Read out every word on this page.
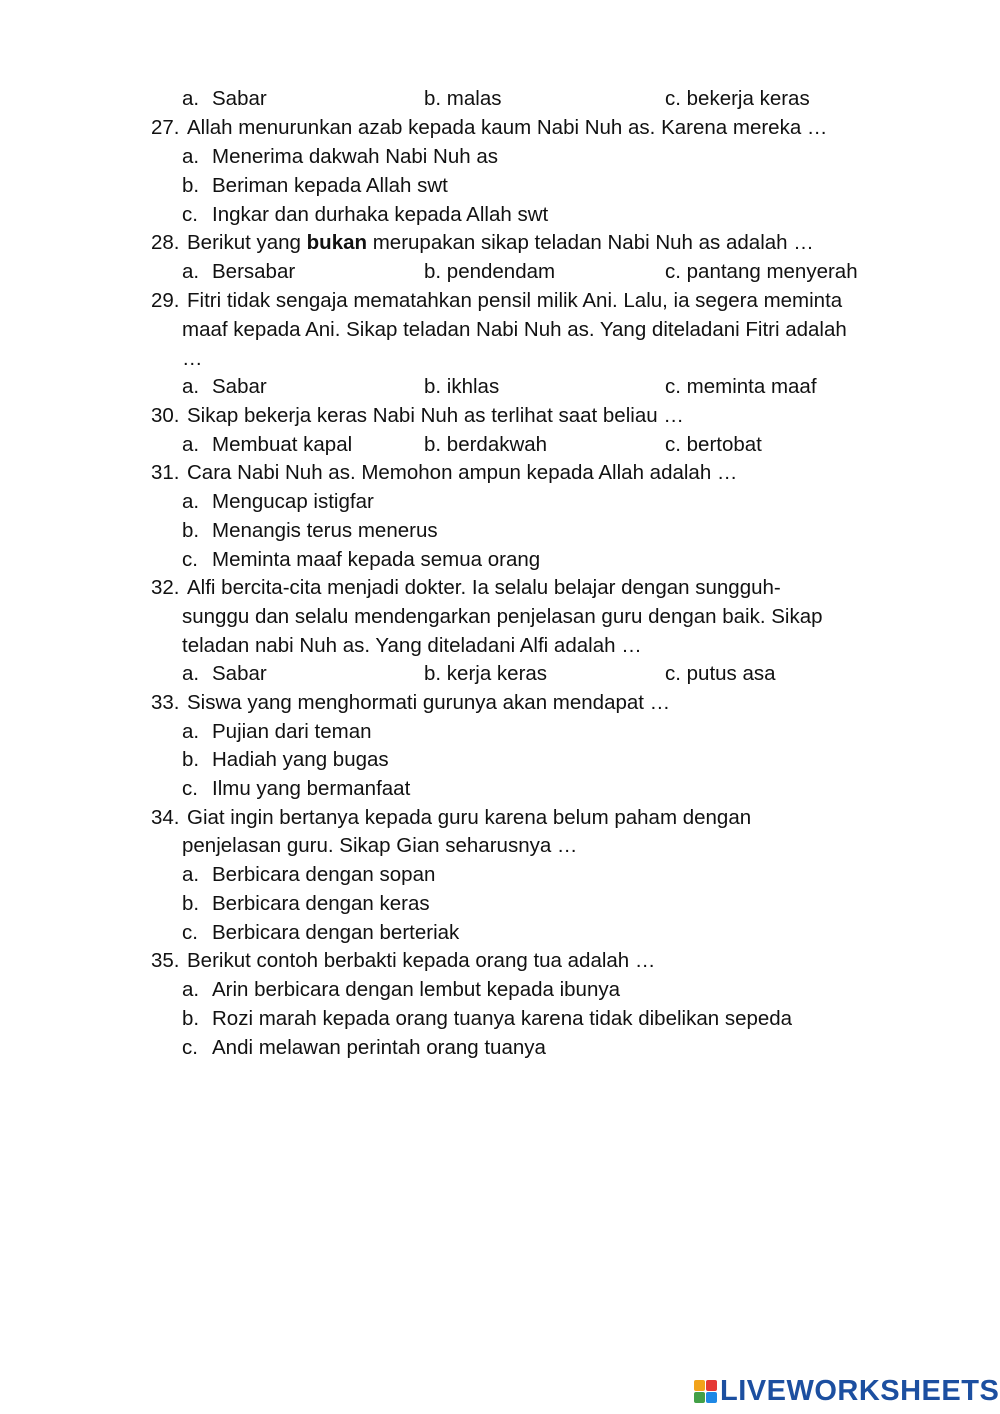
a. Sabar	b. malas	c. bekerja keras
27. Allah menurunkan azab kepada kaum Nabi Nuh as. Karena mereka …
a. Menerima dakwah Nabi Nuh as
b. Beriman kepada Allah swt
c. Ingkar dan durhaka kepada Allah swt
28. Berikut yang bukan merupakan sikap teladan Nabi Nuh as adalah …
a. Bersabar	b. pendendam	c. pantang menyerah
29. Fitri tidak sengaja mematahkan pensil milik Ani. Lalu, ia segera meminta
maaf kepada Ani. Sikap teladan Nabi Nuh as. Yang diteladani Fitri adalah
…
a. Sabar	b. ikhlas	c. meminta maaf
30. Sikap bekerja keras Nabi Nuh as terlihat saat beliau …
a. Membuat kapal	b. berdakwah	c. bertobat
31. Cara Nabi Nuh as. Memohon ampun kepada Allah adalah …
a. Mengucap istigfar
b. Menangis terus menerus
c. Meminta maaf kepada semua orang
32. Alfi bercita-cita menjadi dokter. Ia selalu belajar dengan sungguh-
sunggu dan selalu mendengarkan penjelasan guru dengan baik. Sikap
teladan nabi Nuh as. Yang diteladani Alfi adalah …
a. Sabar	b. kerja keras	c. putus asa
33. Siswa yang menghormati gurunya akan mendapat …
a. Pujian dari teman
b. Hadiah yang bugas
c. Ilmu yang bermanfaat
34. Giat ingin bertanya kepada guru karena belum paham dengan
penjelasan guru. Sikap Gian seharusnya …
a. Berbicara dengan sopan
b. Berbicara dengan keras
c. Berbicara dengan berteriak
35. Berikut contoh berbakti kepada orang tua adalah …
a. Arin berbicara dengan lembut kepada ibunya
b. Rozi marah kepada orang tuanya karena tidak dibelikan sepeda
c. Andi melawan perintah orang tuanya
LIVEWORKSHEETS
